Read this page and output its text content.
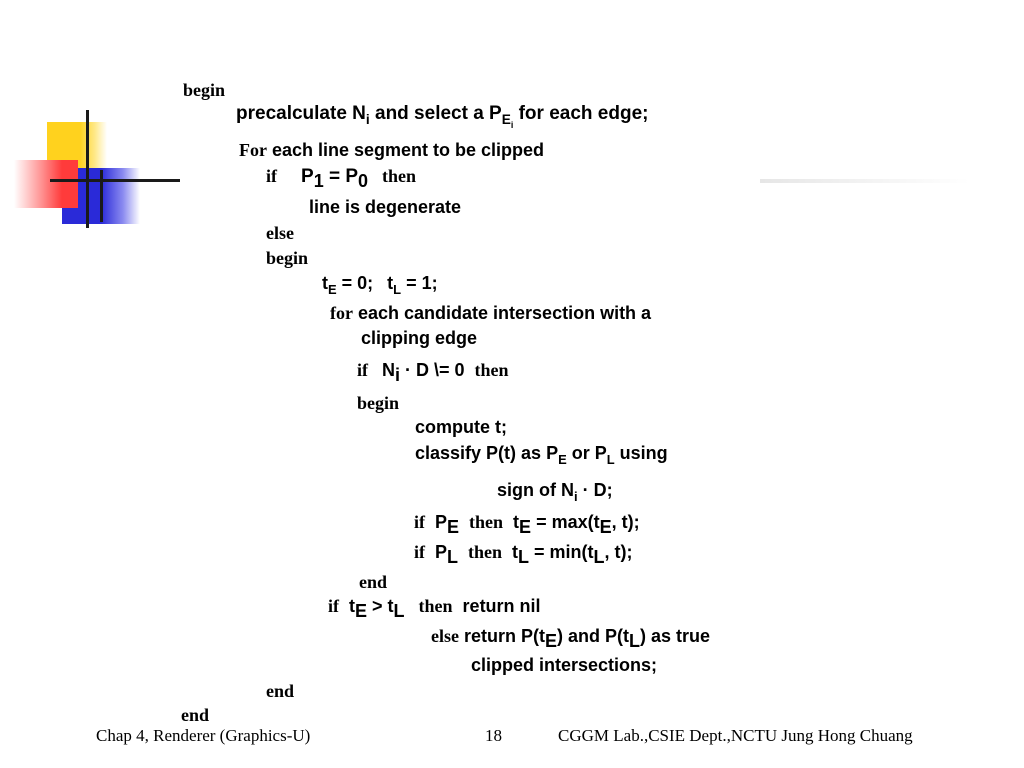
begin
precalculate $N_i$ and select a $P_{E_i}$ for each edge;
For each line segment to be clipped
if $P_1 = P_0$ then
line is degenerate
else
begin
$t_E = 0$; $t_L = 1$;
for each candidate intersection with a
clipping edge
if $N_i \cdot D$ \= 0 then
begin
compute t;
classify P(t) as $P_E$ or $P_L$ using
sign of $N_i \cdot D$;
if $P_E$ then $t_E = \max(t_E$, t);
if $P_L$ then $t_L = \min(t_L$, t);
end
if $t_E > t_L$ then return nil
else return $P(t_E)$ and $P(t_L)$ as true
clipped intersections;
end
end
Chap 4, Renderer (Graphics-U)	18	CGGM Lab.,CSIE Dept.,NCTU Jung Hong Chuang
